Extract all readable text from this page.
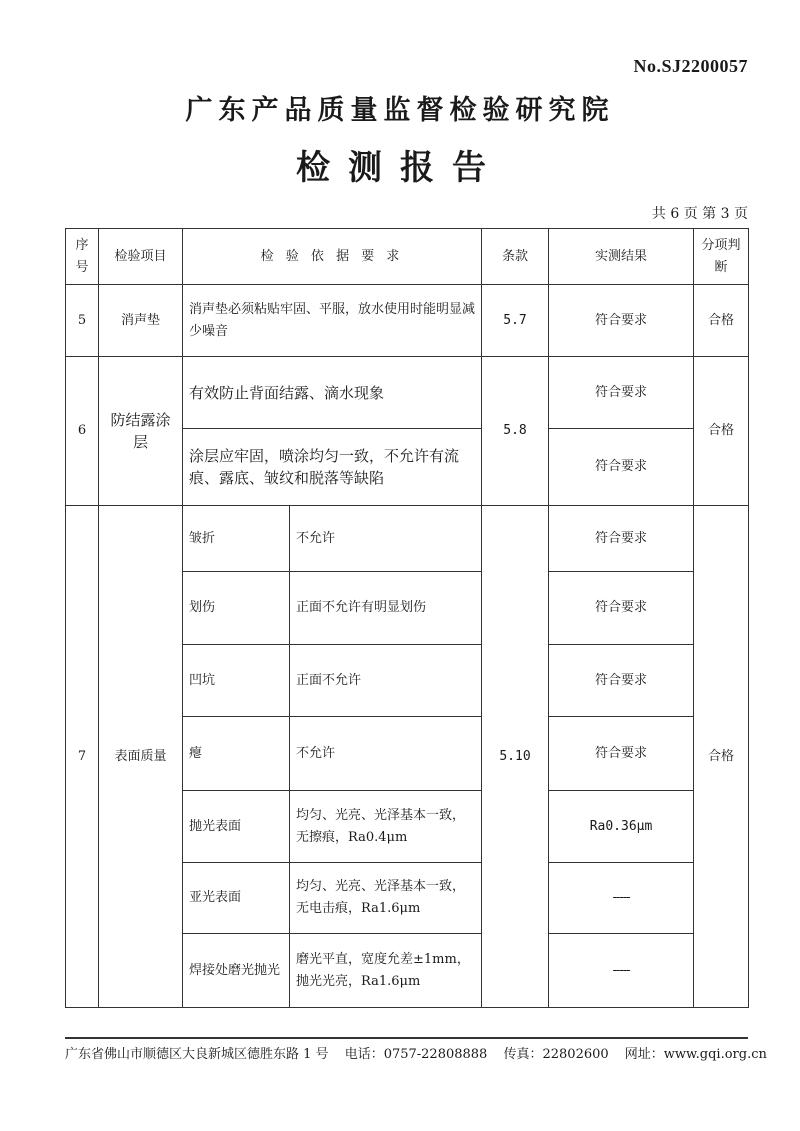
No.SJ2200057
广东产品质量监督检验研究院
检测报告
共 6 页 第 3 页
序号	检验项目	检 验 依 据 要 求		条款	实测结果	分项判断
5	消声垫	消声垫必须粘贴牢固、平服，放水使用时能明显减少噪音		5.7	符合要求	合格
6	防结露涂层	有效防止背面结露、滴水现象		5.8	符合要求	合格
		涂层应牢固，喷涂均匀一致，不允许有流痕、露底、皱纹和脱落等缺陷			符合要求	
7	表面质量	皱折	不允许	5.10	符合要求	合格
		划伤	正面不允许有明显划伤		符合要求	
		凹坑	正面不允许		符合要求	
		瘪	不允许		符合要求	
		抛光表面	均匀、光亮、光泽基本一致，无擦痕，Ra0.4μm		Ra0.36μm	
		亚光表面	均匀、光亮、光泽基本一致，无电击痕，Ra1.6μm		-----	
		焊接处磨光抛光	磨光平直，宽度允差±1mm，抛光光亮，Ra1.6μm		-----	
广东省佛山市顺德区大良新城区德胜东路 1 号 电话：0757-22808888 传真：22802600 网址：www.gqi.org.cn
